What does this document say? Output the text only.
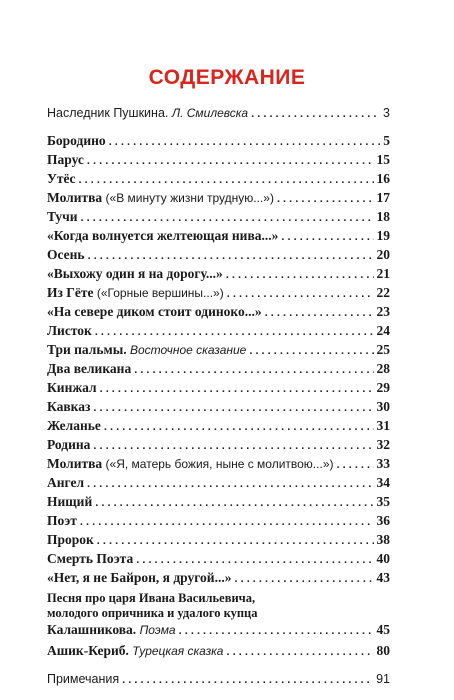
СОДЕРЖАНИЕ
Наследник Пушкина. Л. Смилевска . . .	3
Бородино . . .	5
Парус . . .	15
Утёс . . .	16
Молитва («В минуту жизни трудную...») . . .	17
Тучи . . .	18
«Когда волнуется желтеющая нива...» . . .	19
Осень . . .	20
«Выхожу один я на дорогу...» . . .	21
Из Гёте («Горные вершины...») . . .	22
«На севере диком стоит одиноко...» . . .	23
Листок . . .	24
Три пальмы. Восточное сказание . . .	25
Два великана . . .	28
Кинжал . . .	29
Кавказ . . .	30
Желанье . . .	31
Родина . . .	32
Молитва («Я, матерь божия, ныне с молитвою...») . . .	33
Ангел . . .	34
Нищий . . .	35
Поэт . . .	36
Пророк . . .	38
Смерть Поэта . . .	40
«Нет, я не Байрон, я другой...» . . .	43
Песня про царя Ивана Васильевича,
молодого опричника и удалого купца
Калашникова. Поэма . . .	45
Ашик-Кериб. Турецкая сказка . . .	80
Примечания . . .	91
